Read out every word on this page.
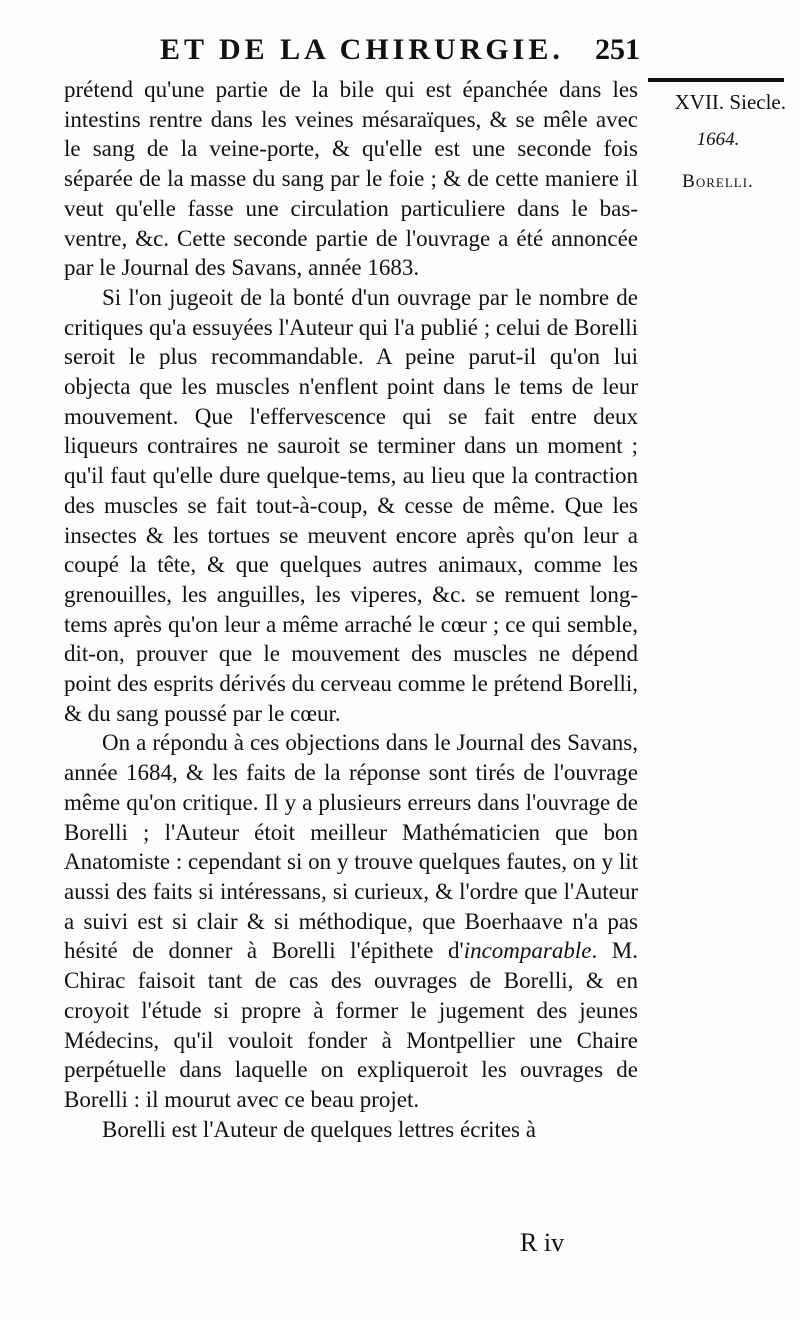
ET DE LA CHIRURGIE. 251
XVII. Siecle.
1664.
Borelli.

prétend qu'une partie de la bile qui est épanchée dans les intestins rentre dans les veines mésaraïques, & se mêle avec le sang de la veine-porte, & qu'elle est une seconde fois séparée de la masse du sang par le foie ; & de cette maniere il veut qu'elle fasse une circulation particuliere dans le bas-ventre, &c. Cette seconde partie de l'ouvrage a été annoncée par le Journal des Savans, année 1683.

Si l'on jugeoit de la bonté d'un ouvrage par le nombre de critiques qu'a essuyées l'Auteur qui l'a publié ; celui de Borelli seroit le plus recommandable. A peine parut-il qu'on lui objecta que les muscles n'enflent point dans le tems de leur mouvement. Que l'effervescence qui se fait entre deux liqueurs contraires ne sauroit se terminer dans un moment ; qu'il faut qu'elle dure quelque-tems, au lieu que la contraction des muscles se fait tout-à-coup, & cesse de même. Que les insectes & les tortues se meuvent encore après qu'on leur a coupé la tête, & que quelques autres animaux, comme les grenouilles, les anguilles, les viperes, &c. se remuent long-tems après qu'on leur a même arraché le cœur ; ce qui semble, dit-on, prouver que le mouvement des muscles ne dépend point des esprits dérivés du cerveau comme le prétend Borelli, & du sang poussé par le cœur.

On a répondu à ces objections dans le Journal des Savans, année 1684, & les faits de la réponse sont tirés de l'ouvrage même qu'on critique. Il y a plusieurs erreurs dans l'ouvrage de Borelli ; l'Auteur étoit meilleur Mathématicien que bon Anatomiste : cependant si on y trouve quelques fautes, on y lit aussi des faits si intéressans, si curieux, & l'ordre que l'Auteur a suivi est si clair & si méthodique, que Boerhaave n'a pas hésité de donner à Borelli l'épithete d'incomparable. M. Chirac faisoit tant de cas des ouvrages de Borelli, & en croyoit l'étude si propre à former le jugement des jeunes Médecins, qu'il vouloit fonder à Montpellier une Chaire perpétuelle dans laquelle on expliqueroit les ouvrages de Borelli : il mourut avec ce beau projet.

Borelli est l'Auteur de quelques lettres écrites à

R iv
